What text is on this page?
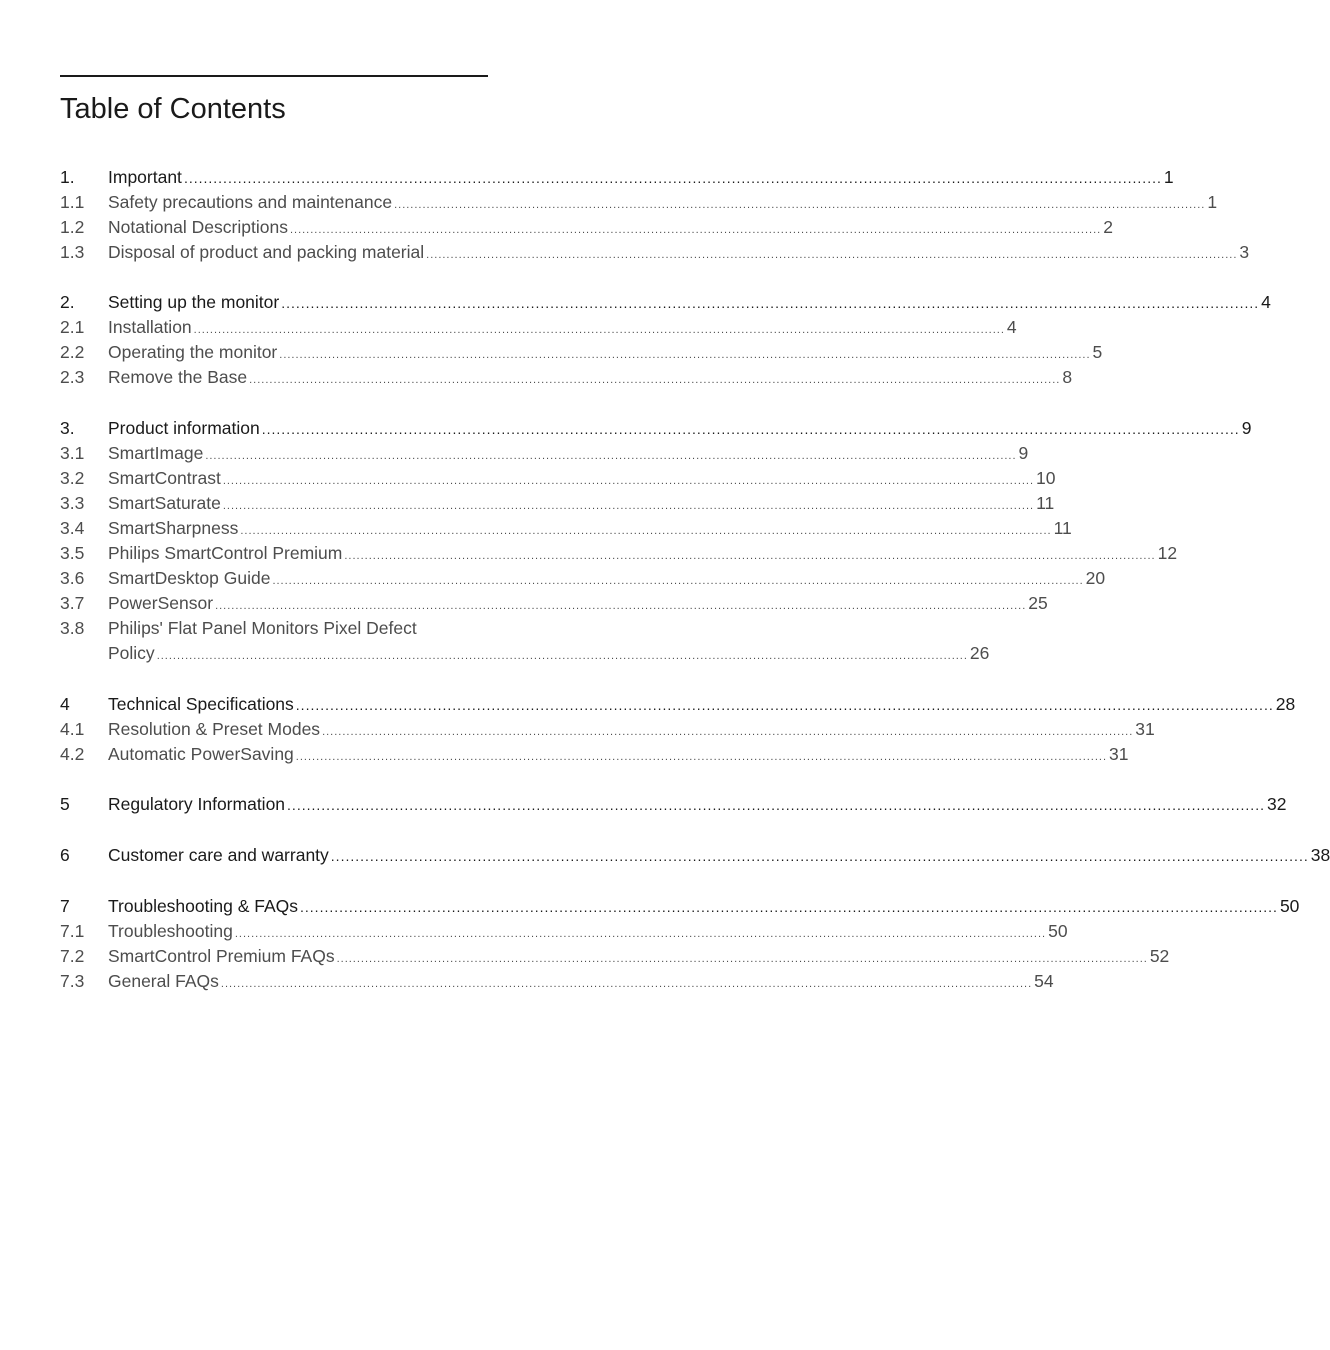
Table of Contents
1.	Important ........................................................................................................................................................................................................ 1
1.1	Safety precautions and maintenance ........................................................................................................................................................................................................ 1
1.2	Notational Descriptions ........................................................................................................................................................................................................ 2
1.3	Disposal of product and packing material ........................................................................................................................................................................................................ 3
2.	Setting up the monitor ........................................................................................................................................................................................................ 4
2.1	Installation ........................................................................................................................................................................................................ 4
2.2	Operating the monitor ........................................................................................................................................................................................................ 5
2.3	Remove the Base ........................................................................................................................................................................................................ 8
3.	Product information ........................................................................................................................................................................................................ 9
3.1	SmartImage ........................................................................................................................................................................................................ 9
3.2	SmartContrast ........................................................................................................................................................................................................ 10
3.3	SmartSaturate ........................................................................................................................................................................................................ 11
3.4	SmartSharpness ........................................................................................................................................................................................................ 11
3.5	Philips SmartControl Premium ........................................................................................................................................................................................................ 12
3.6	SmartDesktop Guide ........................................................................................................................................................................................................ 20
3.7	PowerSensor ........................................................................................................................................................................................................ 25
3.8	Philips' Flat Panel Monitors Pixel Defect
Policy ........................................................................................................................................................................................................ 26
4	Technical Specifications ........................................................................................................................................................................................................ 28
4.1	Resolution & Preset Modes ........................................................................................................................................................................................................ 31
4.2	Automatic PowerSaving ........................................................................................................................................................................................................ 31
5	Regulatory Information ........................................................................................................................................................................................................ 32
6	Customer care and warranty ........................................................................................................................................................................................................ 38
7	Troubleshooting & FAQs ........................................................................................................................................................................................................ 50
7.1	Troubleshooting ........................................................................................................................................................................................................ 50
7.2	SmartControl Premium FAQs ........................................................................................................................................................................................................ 52
7.3	General FAQs ........................................................................................................................................................................................................ 54
